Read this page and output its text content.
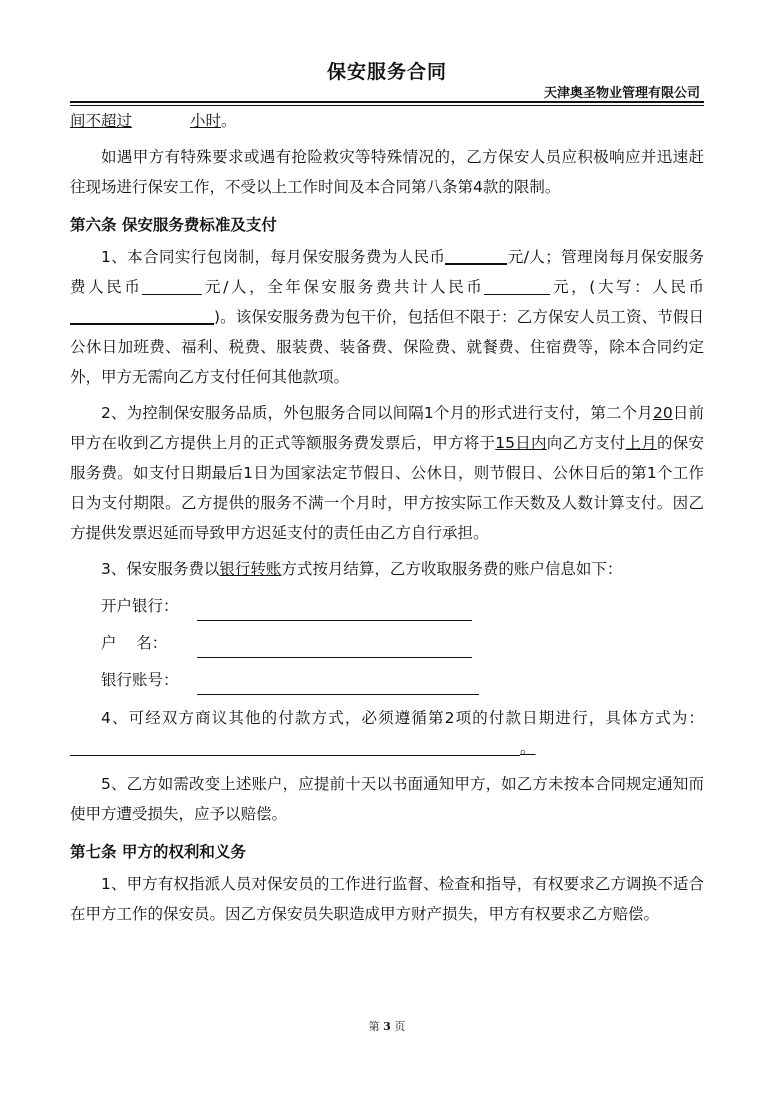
保安服务合同
天津奥圣物业管理有限公司

间不超过	小时。

如遇甲方有特殊要求或遇有抢险救灾等特殊情况的，乙方保安人员应积极响应并迅速赶往现场进行保安工作，不受以上工作时间及本合同第八条第4款的限制。

第六条 保安服务费标准及支付

1、本合同实行包岗制，每月保安服务费为人民币	元/人；管理岗每月保安服务费人民币	元/人，全年保安服务费共计人民币	元，(大写：人民币)。该保安服务费为包干价，包括但不限于：乙方保安人员工资、节假日公休日加班费、福利、税费、服装费、装备费、保险费、就餐费、住宿费等，除本合同约定外，甲方无需向乙方支付任何其他款项。

2、为控制保安服务品质，外包服务合同以间隔1个月的形式进行支付，第二个月20日前甲方在收到乙方提供上月的正式等额服务费发票后，甲方将于15日内向乙方支付上月的保安服务费。如支付日期最后1日为国家法定节假日、公休日，则节假日、公休日后的第1个工作日为支付期限。乙方提供的服务不满一个月时，甲方按实际工作天数及人数计算支付。因乙方提供发票迟延而导致甲方迟延支付的责任由乙方自行承担。

3、保安服务费以银行转账方式按月结算，乙方收取服务费的账户信息如下：

开户银行：
户    名：
银行账号：

4、可经双方商议其他的付款方式，必须遵循第2项的付款日期进行，具体方式为：。

5、乙方如需改变上述账户，应提前十天以书面通知甲方，如乙方未按本合同规定通知而使甲方遭受损失，应予以赔偿。

第七条 甲方的权利和义务

1、甲方有权指派人员对保安员的工作进行监督、检查和指导，有权要求乙方调换不适合在甲方工作的保安员。因乙方保安员失职造成甲方财产损失，甲方有权要求乙方赔偿。

第 3 页
